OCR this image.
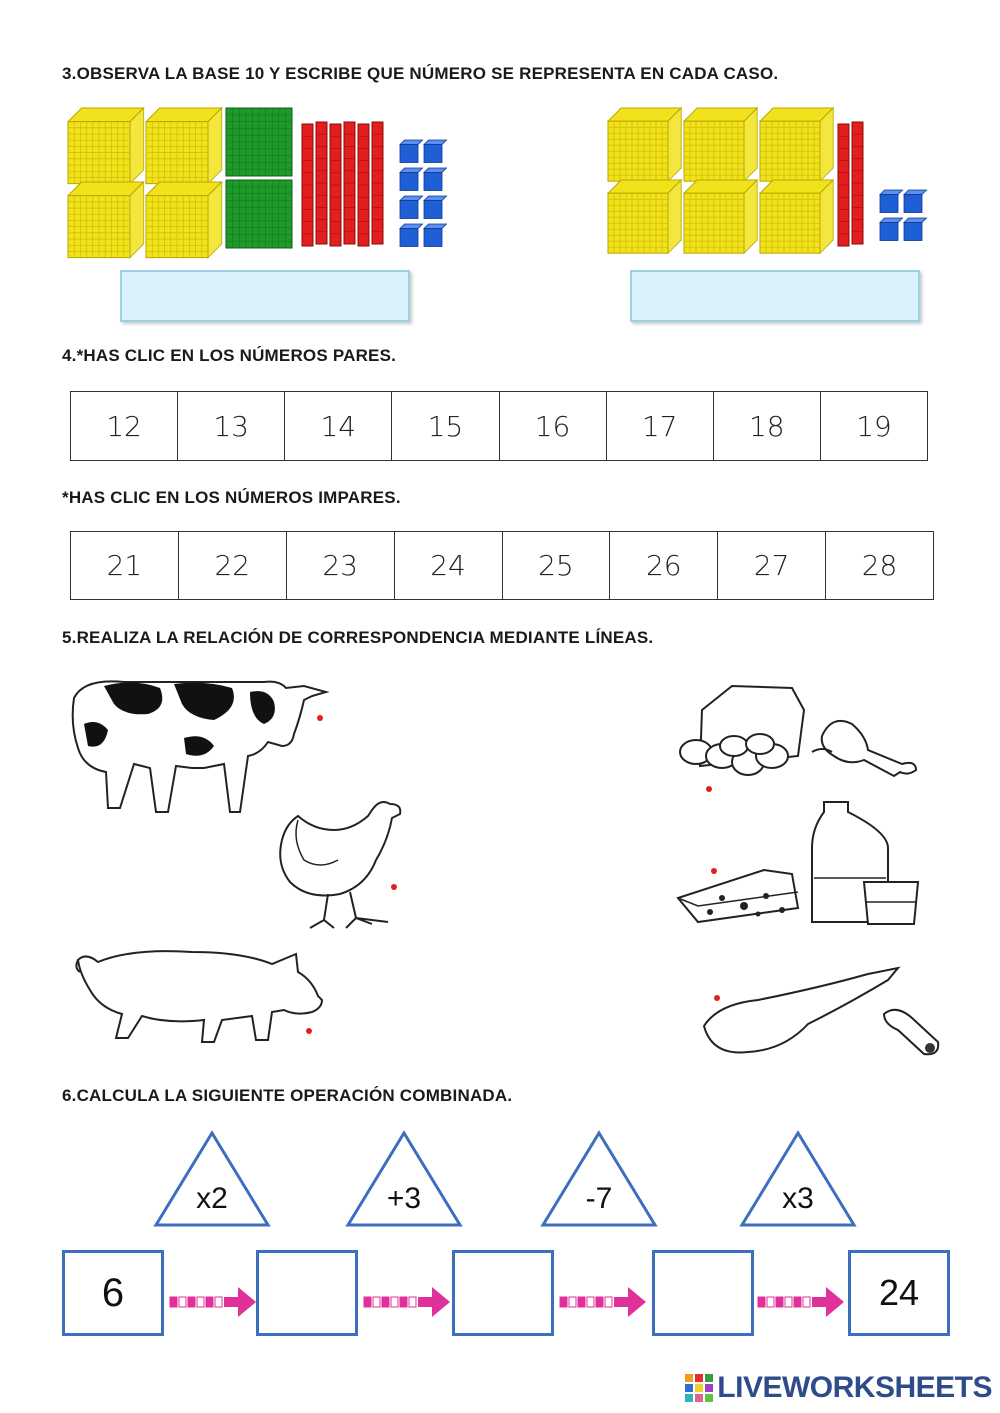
3.OBSERVA LA BASE 10 Y ESCRIBE QUE NÚMERO SE REPRESENTA EN CADA CASO.
4.*HAS CLIC EN LOS NÚMEROS PARES.
12	13	14	15	16	17	18	19
*HAS CLIC EN LOS NÚMEROS IMPARES.
21	22	23	24	25	26	27	28
5.REALIZA LA RELACIÓN DE CORRESPONDENCIA MEDIANTE LÍNEAS.
6.CALCULA LA SIGUIENTE OPERACIÓN COMBINADA.
x2	+3	-7	x3
6	24
LIVEWORKSHEETS
